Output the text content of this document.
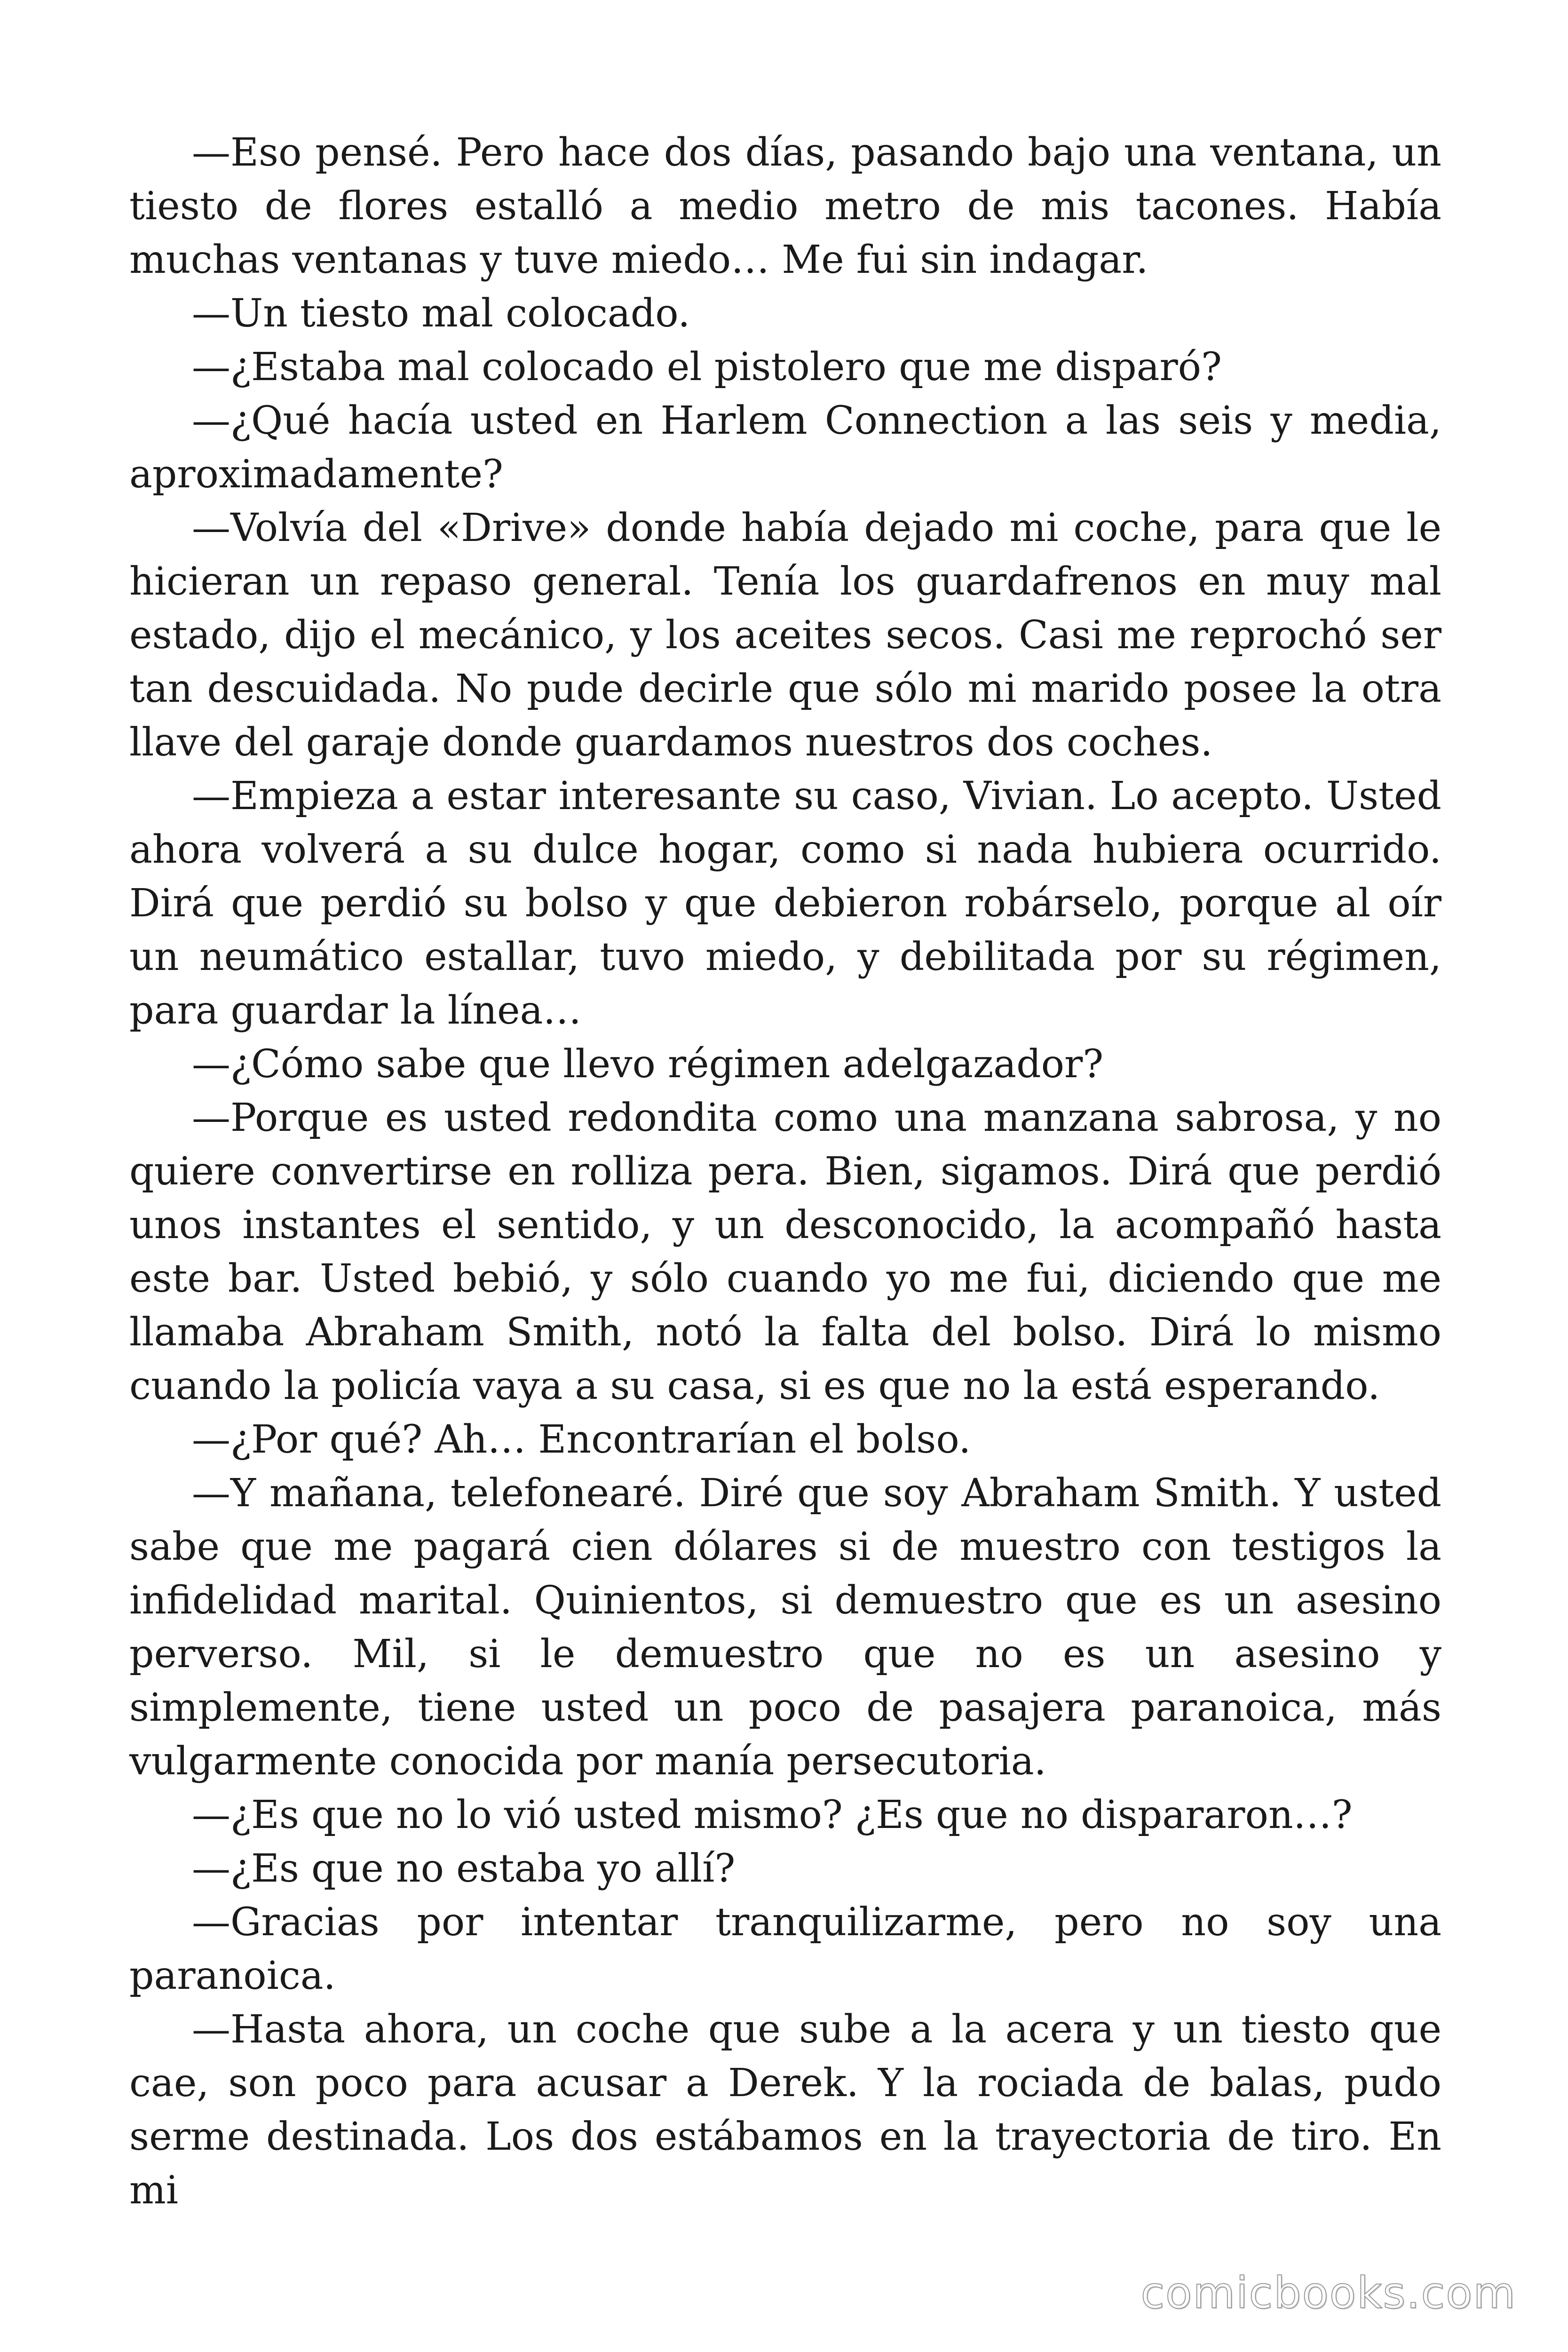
—Eso pensé. Pero hace dos días, pasando bajo una ventana, un tiesto de flores estalló a medio metro de mis tacones. Había muchas ventanas y tuve miedo… Me fui sin indagar.

—Un tiesto mal colocado.

—¿Estaba mal colocado el pistolero que me disparó?

—¿Qué hacía usted en Harlem Connection a las seis y media, aproximadamente?

—Volvía del «Drive» donde había dejado mi coche, para que le hicieran un repaso general. Tenía los guardafrenos en muy mal estado, dijo el mecánico, y los aceites secos. Casi me reprochó ser tan descuidada. No pude decirle que sólo mi marido posee la otra llave del garaje donde guardamos nuestros dos coches.

—Empieza a estar interesante su caso, Vivian. Lo acepto. Usted ahora volverá a su dulce hogar, como si nada hubiera ocurrido. Dirá que perdió su bolso y que debieron robárselo, porque al oír un neumático estallar, tuvo miedo, y debilitada por su régimen, para guardar la línea…

—¿Cómo sabe que llevo régimen adelgazador?

—Porque es usted redondita como una manzana sabrosa, y no quiere convertirse en rolliza pera. Bien, sigamos. Dirá que perdió unos instantes el sentido, y un desconocido, la acompañó hasta este bar. Usted bebió, y sólo cuando yo me fui, diciendo que me llamaba Abraham Smith, notó la falta del bolso. Dirá lo mismo cuando la policía vaya a su casa, si es que no la está esperando.

—¿Por qué? Ah… Encontrarían el bolso.

—Y mañana, telefonearé. Diré que soy Abraham Smith. Y usted sabe que me pagará cien dólares si de muestro con testigos la infidelidad marital. Quinientos, si demuestro que es un asesino perverso. Mil, si le demuestro que no es un asesino y simplemente, tiene usted un poco de pasajera paranoica, más vulgarmente conocida por manía persecutoria.

—¿Es que no lo vió usted mismo? ¿Es que no dispararon…?

—¿Es que no estaba yo allí?

—Gracias por intentar tranquilizarme, pero no soy una paranoica.

—Hasta ahora, un coche que sube a la acera y un tiesto que cae, son poco para acusar a Derek. Y la rociada de balas, pudo serme destinada. Los dos estábamos en la trayectoria de tiro. En mi

comicbooks.com
